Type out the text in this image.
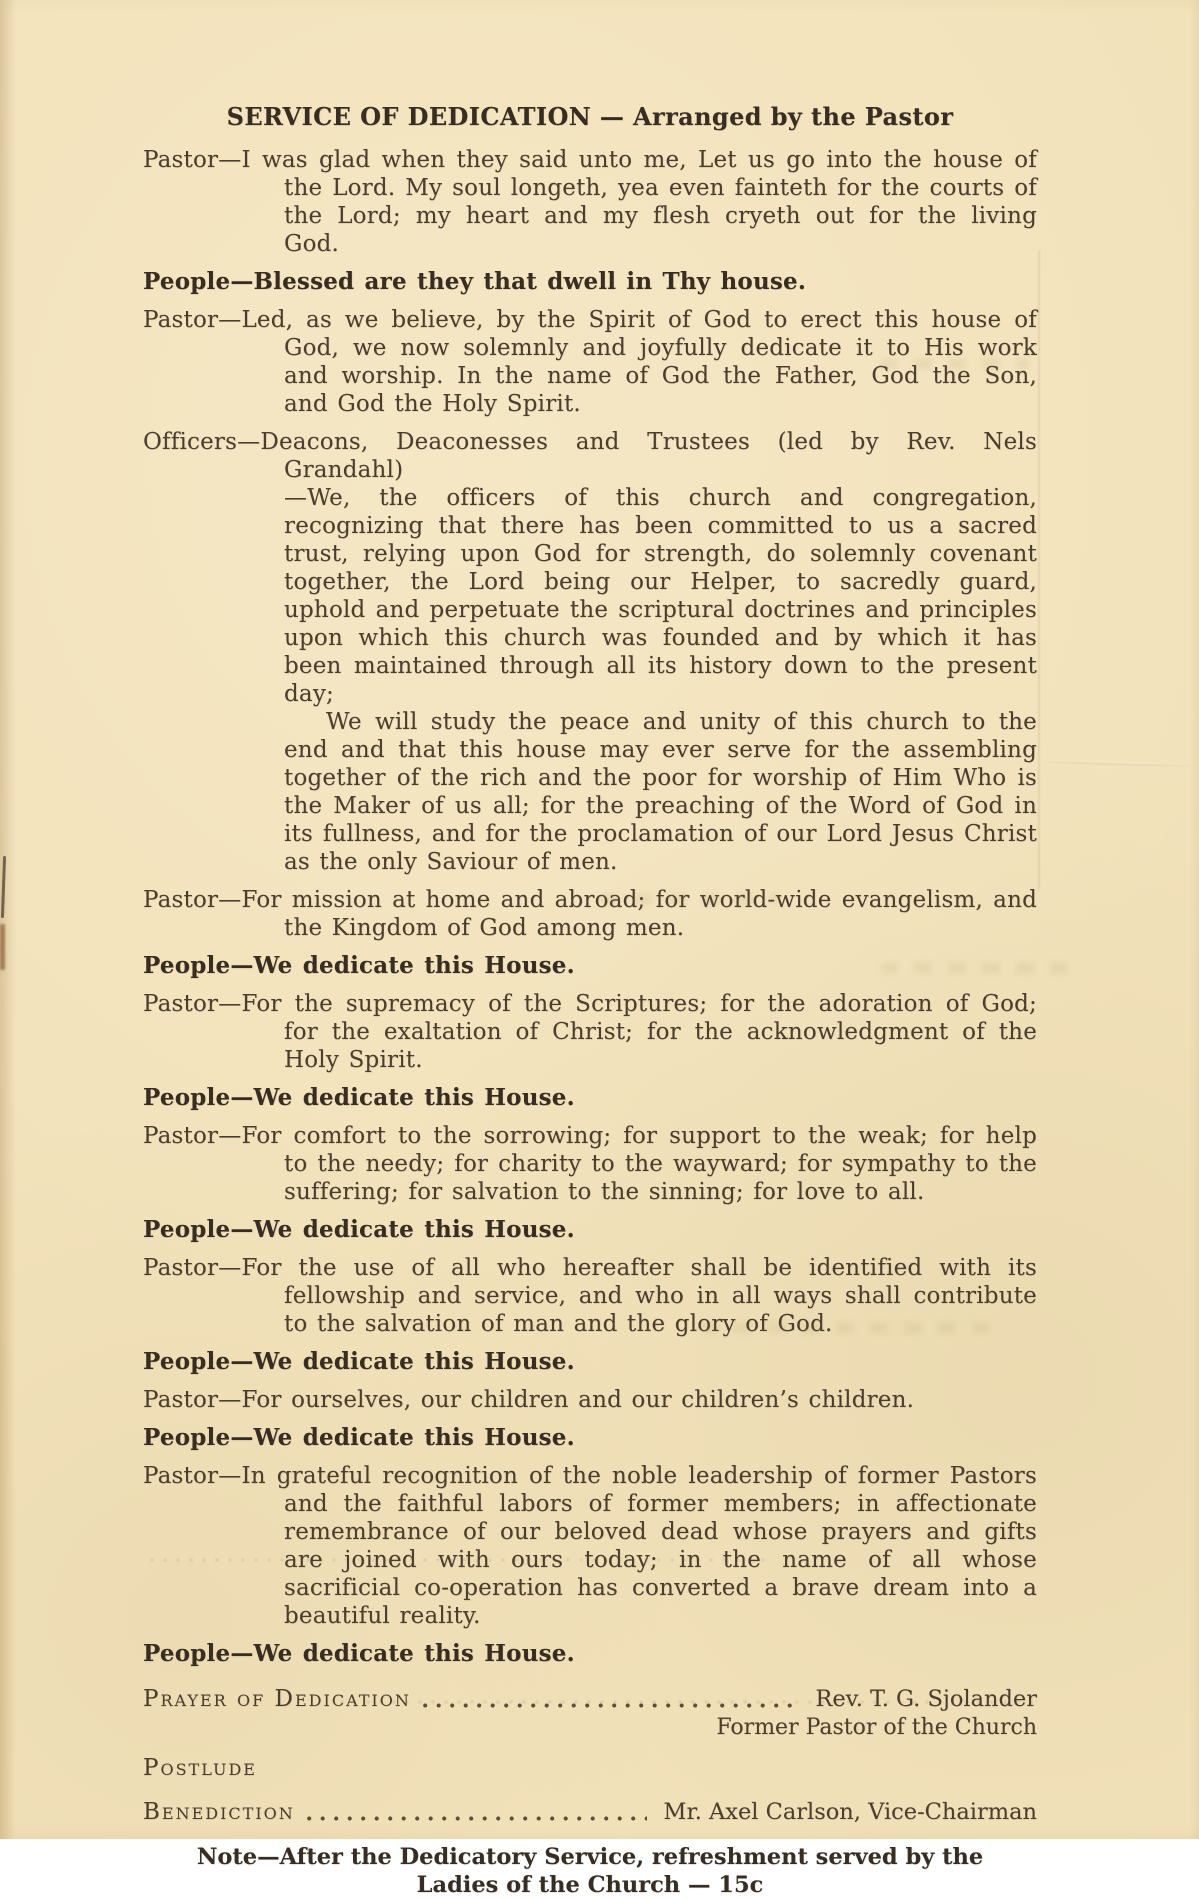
SERVICE OF DEDICATION — Arranged by the Pastor

Pastor—I was glad when they said unto me, Let us go into the house of the Lord. My soul longeth, yea even fainteth for the courts of the Lord; my heart and my flesh cryeth out for the living God.

People—Blessed are they that dwell in Thy house.

Pastor—Led, as we believe, by the Spirit of God to erect this house of God, we now solemnly and joyfully dedicate it to His work and worship. In the name of God the Father, God the Son, and God the Holy Spirit.

Officers—Deacons, Deaconesses and Trustees (led by Rev. Nels Grandahl)

—We, the officers of this church and congregation, recognizing that there has been committed to us a sacred trust, relying upon God for strength, do solemnly covenant together, the Lord being our Helper, to sacredly guard, uphold and perpetuate the scriptural doctrines and principles upon which this church was founded and by which it has been maintained through all its history down to the present day;

We will study the peace and unity of this church to the end and that this house may ever serve for the assembling together of the rich and the poor for worship of Him Who is the Maker of us all; for the preaching of the Word of God in its fullness, and for the proclamation of our Lord Jesus Christ as the only Saviour of men.

Pastor—For mission at home and abroad; for world-wide evangelism, and the Kingdom of God among men.

People—We dedicate this House.

Pastor—For the supremacy of the Scriptures; for the adoration of God; for the exaltation of Christ; for the acknowledgment of the Holy Spirit.

People—We dedicate this House.

Pastor—For comfort to the sorrowing; for support to the weak; for help to the needy; for charity to the wayward; for sympathy to the suffering; for salvation to the sinning; for love to all.

People—We dedicate this House.

Pastor—For the use of all who hereafter shall be identified with its fellowship and service, and who in all ways shall contribute to the salvation of man and the glory of God.

People—We dedicate this House.

Pastor—For ourselves, our children and our children’s children.

People—We dedicate this House.

Pastor—In grateful recognition of the noble leadership of former Pastors and the faithful labors of former members; in affectionate remembrance of our beloved dead whose prayers and gifts are joined with ours today; in the name of all whose sacrificial co-operation has converted a brave dream into a beautiful reality.

People—We dedicate this House.

Prayer of Dedication	Rev. T. G. Sjolander
Former Pastor of the Church
Postlude
Benediction	Mr. Axel Carlson, Vice-Chairman
Note—After the Dedicatory Service, refreshment served by the
Ladies of the Church — 15c
